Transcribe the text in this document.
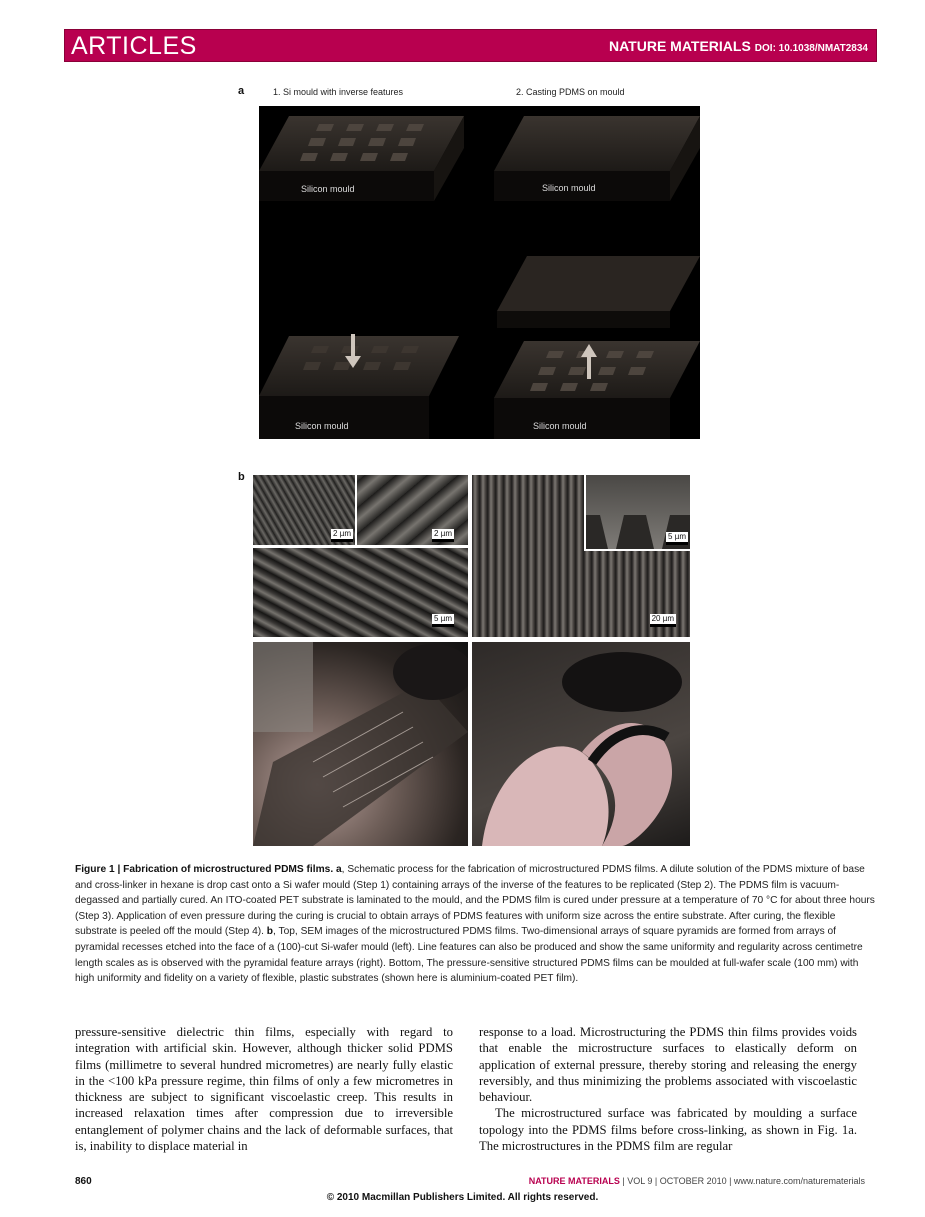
ARTICLES	NATURE MATERIALS DOI: 10.1038/NMAT2834
a	1. Si mould with inverse features	2. Casting PDMS on mould
Silicon mould	Silicon mould
Silicon mould	Silicon mould
b
2 µm	2 µm
5 µm
5 µm
20 µm
Figure 1 | Fabrication of microstructured PDMS films. a, Schematic process for the fabrication of microstructured PDMS films. A dilute solution of the PDMS mixture of base and cross-linker in hexane is drop cast onto a Si wafer mould (Step 1) containing arrays of the inverse of the features to be replicated (Step 2). The PDMS film is vacuum-degassed and partially cured. An ITO-coated PET substrate is laminated to the mould, and the PDMS film is cured under pressure at a temperature of 70 °C for about three hours (Step 3). Application of even pressure during the curing is crucial to obtain arrays of PDMS features with uniform size across the entire substrate. After curing, the flexible substrate is peeled off the mould (Step 4). b, Top, SEM images of the microstructured PDMS films. Two-dimensional arrays of square pyramids are formed from arrays of pyramidal recesses etched into the face of a (100)-cut Si-wafer mould (left). Line features can also be produced and show the same uniformity and regularity across centimetre length scales as is observed with the pyramidal feature arrays (right). Bottom, The pressure-sensitive structured PDMS films can be moulded at full-wafer scale (100 mm) with high uniformity and fidelity on a variety of flexible, plastic substrates (shown here is aluminium-coated PET film).

pressure-sensitive dielectric thin films, especially with regard to integration with artificial skin. However, although thicker solid PDMS films (millimetre to several hundred micrometres) are nearly fully elastic in the <100 kPa pressure regime, thin films of only a few micrometres in thickness are subject to significant viscoelastic creep. This results in increased relaxation times after compression due to irreversible entanglement of polymer chains and the lack of deformable surfaces, that is, inability to displace material in

response to a load. Microstructuring the PDMS thin films provides voids that enable the microstructure surfaces to elastically deform on application of external pressure, thereby storing and releasing the energy reversibly, and thus minimizing the problems associated with viscoelastic behaviour.

The microstructured surface was fabricated by moulding a surface topology into the PDMS films before cross-linking, as shown in Fig. 1a. The microstructures in the PDMS film are regular

860	NATURE MATERIALS | VOL 9 | OCTOBER 2010 | www.nature.com/naturematerials
© 2010 Macmillan Publishers Limited. All rights reserved.
